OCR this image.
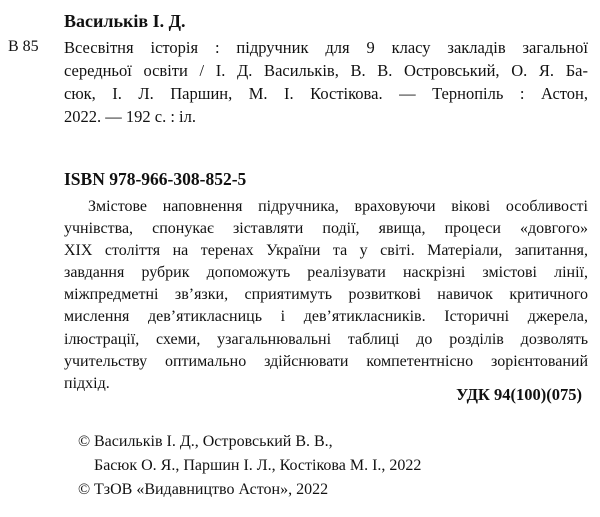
Васильків І. Д.
В 85 Всесвітня історія : підручник для 9 класу закладів загальної
середньої освіти / І. Д. Васильків, В. В. Островський, О. Я. Ба-
сюк, І. Л. Паршин, М. І. Костікова. — Тернопіль : Астон,
2022. — 192 с. : іл.
ISBN 978-966-308-852-5
Змістове наповнення підручника, враховуючи вікові особливості
учнівства, спонукає зіставляти події, явища, процеси «довгого»
XIX століття на теренах України та у світі. Матеріали, запитання,
завдання рубрик допоможуть реалізувати наскрізні змістові лінії,
міжпредметні зв’язки, сприятимуть розвиткові навичок критичного
мислення дев’ятикласниць і дев’ятикласників. Історичні джерела,
ілюстрації, схеми, узагальнювальні таблиці до розділів дозволять
учительству оптимально здійснювати компетентнісно зорієнтований
підхід.
УДК 94(100)(075)
© Васильків І. Д., Островський В. В.,
Басюк О. Я., Паршин І. Л., Костікова М. І., 2022
© ТзОВ «Видавництво Астон», 2022
